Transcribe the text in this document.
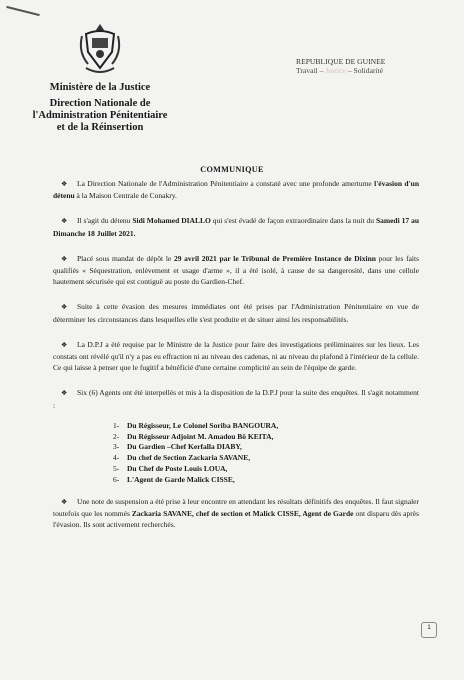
Ministère de la Justice
Direction Nationale de
l'Administration Pénitentiaire
et de la Réinsertion
REPUBLIQUE DE GUINEE
Travail – Justice – Solidarité
COMMUNIQUE

❖ La Direction Nationale de l'Administration Pénitentiaire a constaté avec une profonde amertume l'évasion d'un détenu à la Maison Centrale de Conakry.

❖ Il s'agit du détenu Sidi Mohamed DIALLO qui s'est évadé de façon extraordinaire dans la nuit du Samedi 17 au Dimanche 18 Juillet 2021.

❖ Placé sous mandat de dépôt le 29 avril 2021 par le Tribunal de Première Instance de Dixinn pour les faits qualifiés « Séquestration, enlèvement et usage d'arme », il a été isolé, à cause de sa dangerosité, dans une cellule hautement sécurisée qui est contiguë au poste du Gardien-Chef.

❖ Suite à cette évasion des mesures immédiates ont été prises par l'Administration Pénitentiaire en vue de déterminer les circonstances dans lesquelles elle s'est produite et de situer ainsi les responsabilités.

❖ La D.P.J a été requise par le Ministre de la Justice pour faire des investigations préliminaires sur les lieux. Les constats ont révélé qu'il n'y a pas eu effraction ni au niveau des cadenas, ni au niveau du plafond à l'intérieur de la cellule. Ce qui laisse à penser que le fugitif a bénéficié d'une certaine complicité au sein de l'équipe de garde.

❖ Six (6) Agents ont été interpellés et mis à la disposition de la D.P.J pour la suite des enquêtes. Il s'agit notamment :

1- Du Régisseur, Le Colonel Soriba BANGOURA,
2- Du Régisseur Adjoint M. Amadou Bô KEITA,
3- Du Gardien –Chef Kerfalla DIABY,
4- Du chef de Section Zackaria SAVANE,
5- Du Chef de Poste Louis LOUA,
6- L'Agent de Garde Malick CISSE,

❖ Une note de suspension a été prise à leur encontre en attendant les résultats définitifs des enquêtes. Il faut signaler toutefois que les nommés Zackaria SAVANE, chef de section et Malick CISSE, Agent de Garde ont disparu dès après l'évasion. Ils sont activement recherchés.

1
